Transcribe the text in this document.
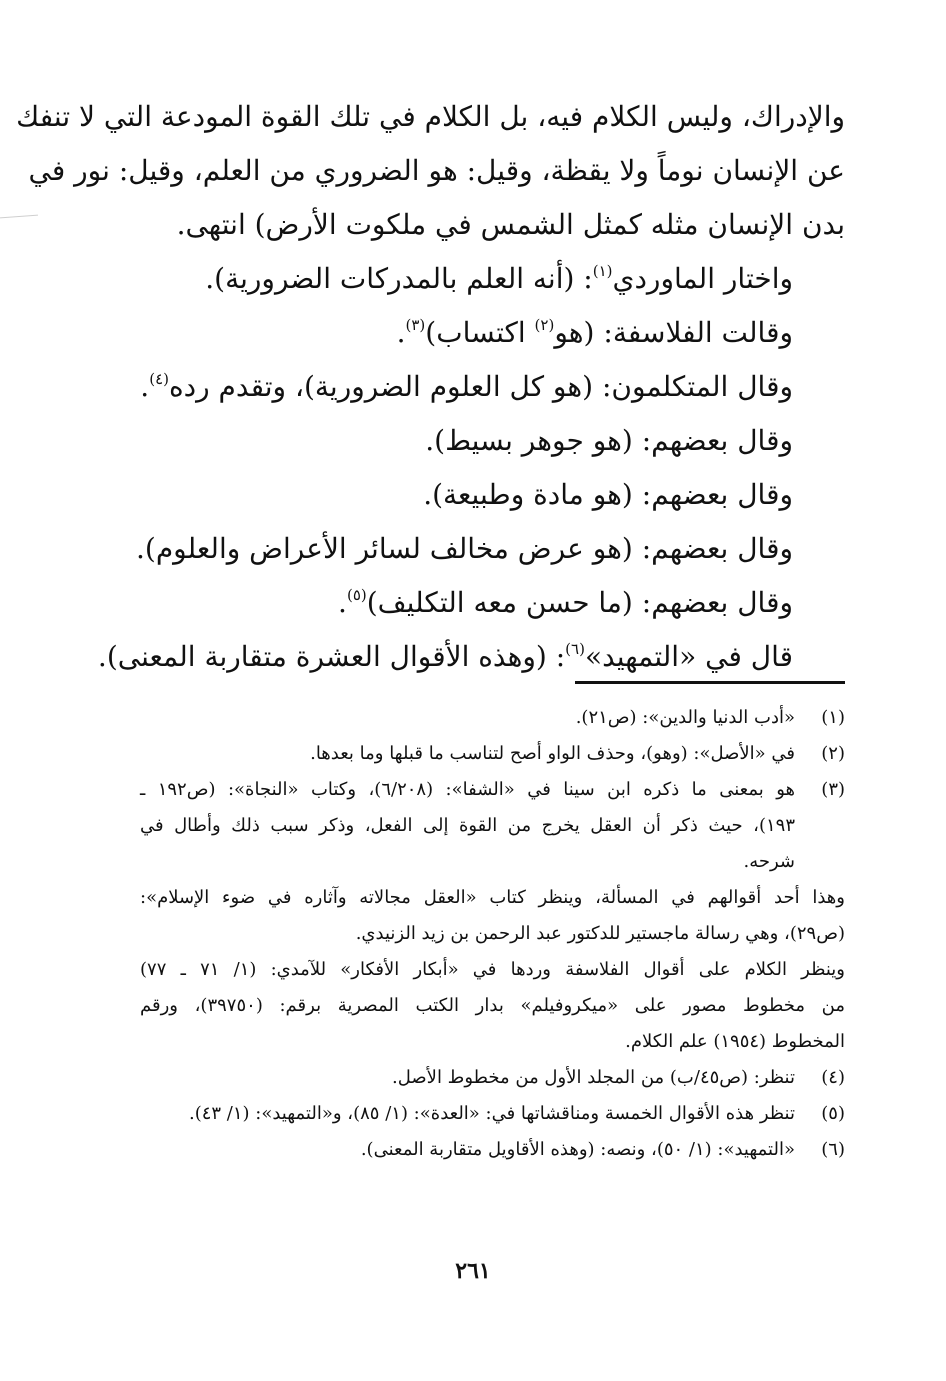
والإدراك، وليس الكلام فيه، بل الكلام في تلك القوة المودعة التي لا تنفك
عن الإنسان نوماً ولا يقظة، وقيل: هو الضروري من العلم، وقيل: نور في
بدن الإنسان مثله كمثل الشمس في ملكوت الأرض) انتهى.
واختار الماوردي$^{(١)}$: (أنه العلم بالمدركات الضرورية).
وقالت الفلاسفة: (هو$^{(٢)}$ اكتساب)$^{(٣)}$.
وقال المتكلمون: (هو كل العلوم الضرورية)، وتقدم رده$^{(٤)}$.
وقال بعضهم: (هو جوهر بسيط).
وقال بعضهم: (هو مادة وطبيعة).
وقال بعضهم: (هو عرض مخالف لسائر الأعراض والعلوم).
وقال بعضهم: (ما حسن معه التكليف)$^{(٥)}$.
قال في «التمهيد»$^{(٦)}$: (وهذه الأقوال العشرة متقاربة المعنى).
(١)«أدب الدنيا والدين»: (ص٢١).
(٢)في «الأصل»: (وهو)، وحذف الواو أصح لتناسب ما قبلها وما بعدها.
(٣)هو بمعنى ما ذكره ابن سينا في «الشفا»: (٦/٢٠٨)، وكتاب «النجاة»: (ص١٩٢ ـ
١٩٣)، حيث ذكر أن العقل يخرج من القوة إلى الفعل، وذكر سبب ذلك وأطال في
شرحه.
وهذا أحد أقوالهم في المسألة، وينظر كتاب «العقل مجالاته وآثاره في ضوء الإسلام»:
(ص٢٩)، وهي رسالة ماجستير للدكتور عبد الرحمن بن زيد الزنيدي.
وينظر الكلام على أقوال الفلاسفة وردها في «أبكار الأفكار» للآمدي: (١/ ٧١ ـ ٧٧)
من مخطوط مصور على «ميكروفيلم» بدار الكتب المصرية برقم: (٣٩٧٥٠)، ورقم
المخطوط (١٩٥٤) علم الكلام.
(٤)تنظر: (ص٤٥/ب) من المجلد الأول من مخطوط الأصل.
(٥)تنظر هذه الأقوال الخمسة ومناقشاتها في: «العدة»: (١/ ٨٥)، و«التمهيد»: (١/ ٤٣).
(٦)«التمهيد»: (١/ ٥٠)، ونصه: (وهذه الأقاويل متقاربة المعنى).
٢٦١
